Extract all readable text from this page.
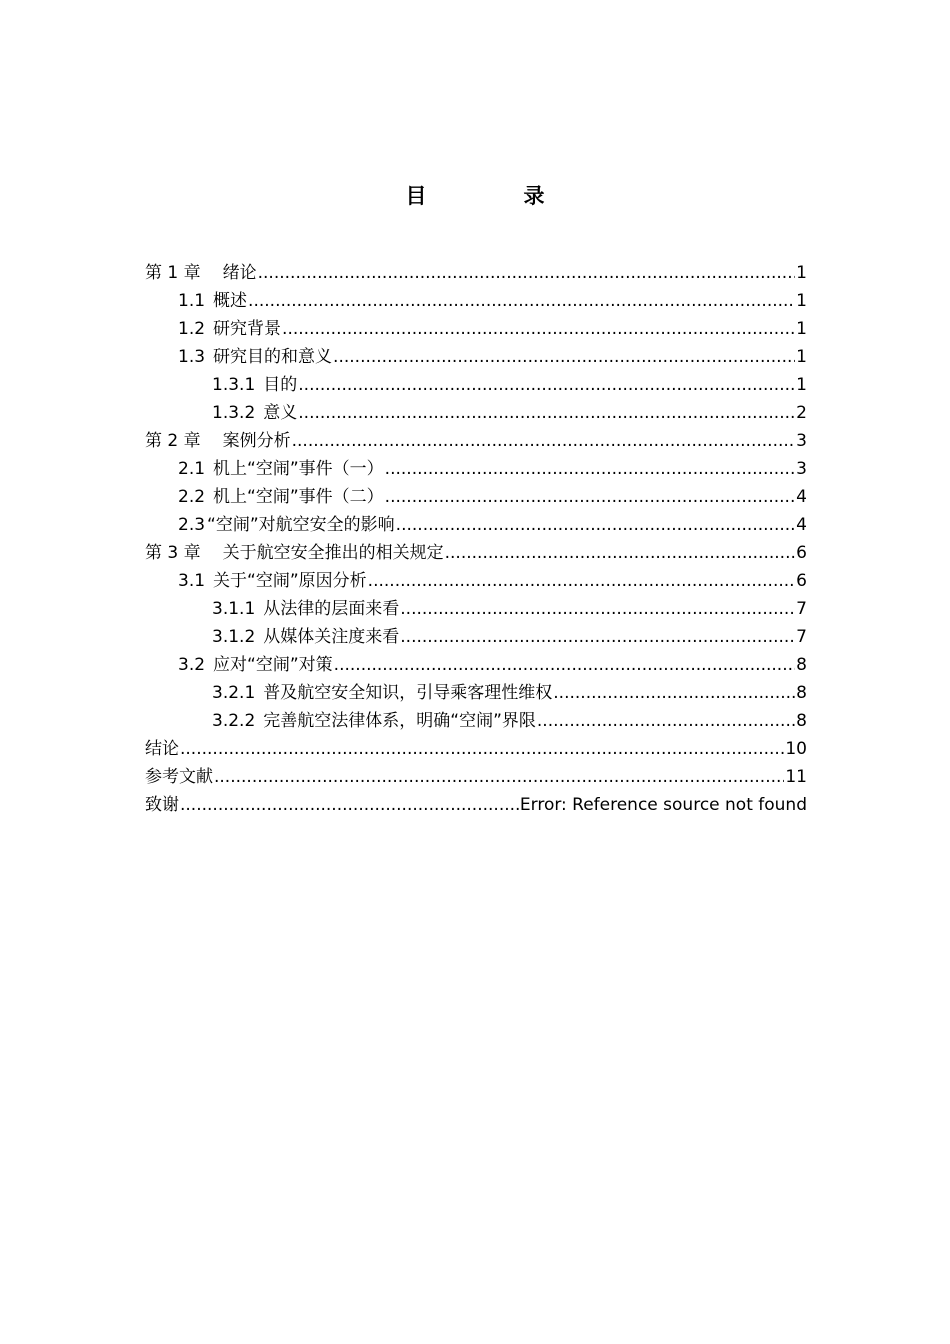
目　录
第 1 章 绪论 .....	1
1.1 概述 .....	1
1.2 研究背景 .....	1
1.3 研究目的和意义 .....	1
1.3.1 目的 .....	1
1.3.2 意义 .....	2
第 2 章 案例分析 .....	3
2.1 机上“空闹”事件（一） .....	3
2.2 机上“空闹”事件（二） .....	4
2.3 “空闹”对航空安全的影响 .....	4
第 3 章 关于航空安全推出的相关规定 .....	6
3.1 关于“空闹”原因分析 .....	6
3.1.1 从法律的层面来看 .....	7
3.1.2 从媒体关注度来看 .....	7
3.2 应对“空闹”对策 .....	8
3.2.1 普及航空安全知识，引导乘客理性维权 .....	8
3.2.2 完善航空法律体系，明确“空闹”界限 .....	8
结论 .....	10
参考文献 .....	11
致谢 .....	Error: Reference source not found
